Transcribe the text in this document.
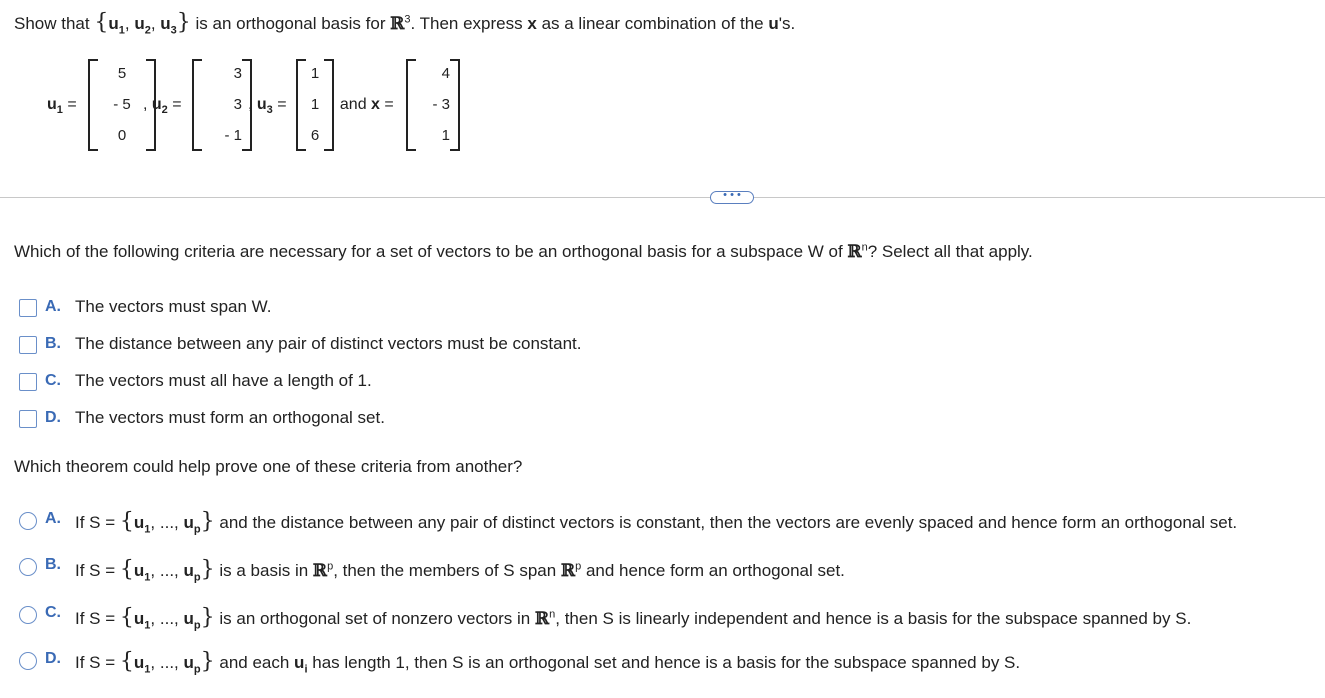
Show that {$u_1$, $u_2$, $u_3$} is an orthogonal basis for ℝ$^3$. Then express x as a linear combination of the u's.
$u_1$ =
5
- 5
0
, $u_2$ =
3
3
- 1
, $u_3$ =
1
1
6
, and x =
4
- 3
1
• • •
Which of the following criteria are necessary for a set of vectors to be an orthogonal basis for a subspace W of ℝ$^n$? Select all that apply.
A. The vectors must span W.
B. The distance between any pair of distinct vectors must be constant.
C. The vectors must all have a length of 1.
D. The vectors must form an orthogonal set.
Which theorem could help prove one of these criteria from another?
A. If $S = \{u_1$, ..., $u_p$} and the distance between any pair of distinct vectors is constant, then the vectors are evenly spaced and hence form an orthogonal set.
B. If $S = \{u_1$, ..., $u_p$} is a basis in ℝ$^p$, then the members of S span ℝ$^p$ and hence form an orthogonal set.
C. If $S = \{u_1$, ..., $u_p$} is an orthogonal set of nonzero vectors in ℝ$^n$, then S is linearly independent and hence is a basis for the subspace spanned by S.
D. If $S = \{u_1$, ..., $u_p$} and each $u_i$ has length 1, then S is an orthogonal set and hence is a basis for the subspace spanned by S.
